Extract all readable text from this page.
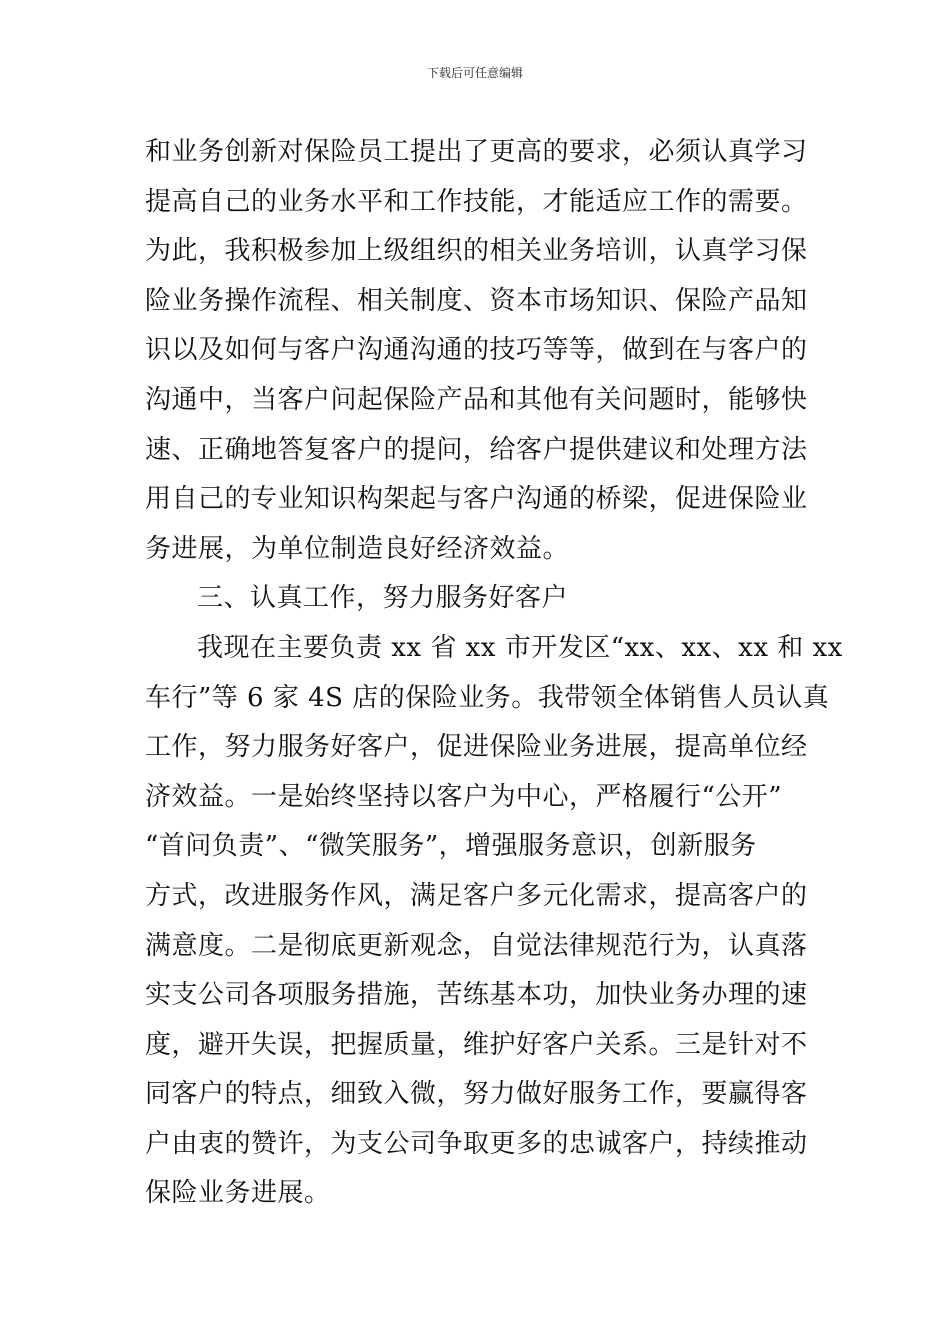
下载后可任意编辑
和业务创新对保险员工提出了更高的要求，必须认真学习
提高自己的业务水平和工作技能，才能适应工作的需要。
为此，我积极参加上级组织的相关业务培训，认真学习保
险业务操作流程、相关制度、资本市场知识、保险产品知
识以及如何与客户沟通沟通的技巧等等，做到在与客户的
沟通中，当客户问起保险产品和其他有关问题时，能够快
速、正确地答复客户的提问，给客户提供建议和处理方法
用自己的专业知识构架起与客户沟通的桥梁，促进保险业
务进展，为单位制造良好经济效益。
三、认真工作，努力服务好客户
我现在主要负责 xx 省 xx 市开发区“xx、xx、xx 和 xx
车行”等 6 家 4S 店的保险业务。我带领全体销售人员认真
工作，努力服务好客户，促进保险业务进展，提高单位经
济效益。一是始终坚持以客户为中心，严格履行“公开”
“首问负责”、“微笑服务”，增强服务意识，创新服务
方式，改进服务作风，满足客户多元化需求，提高客户的
满意度。二是彻底更新观念，自觉法律规范行为，认真落
实支公司各项服务措施，苦练基本功，加快业务办理的速
度，避开失误，把握质量，维护好客户关系。三是针对不
同客户的特点，细致入微，努力做好服务工作，要赢得客
户由衷的赞许，为支公司争取更多的忠诚客户，持续推动
保险业务进展。
